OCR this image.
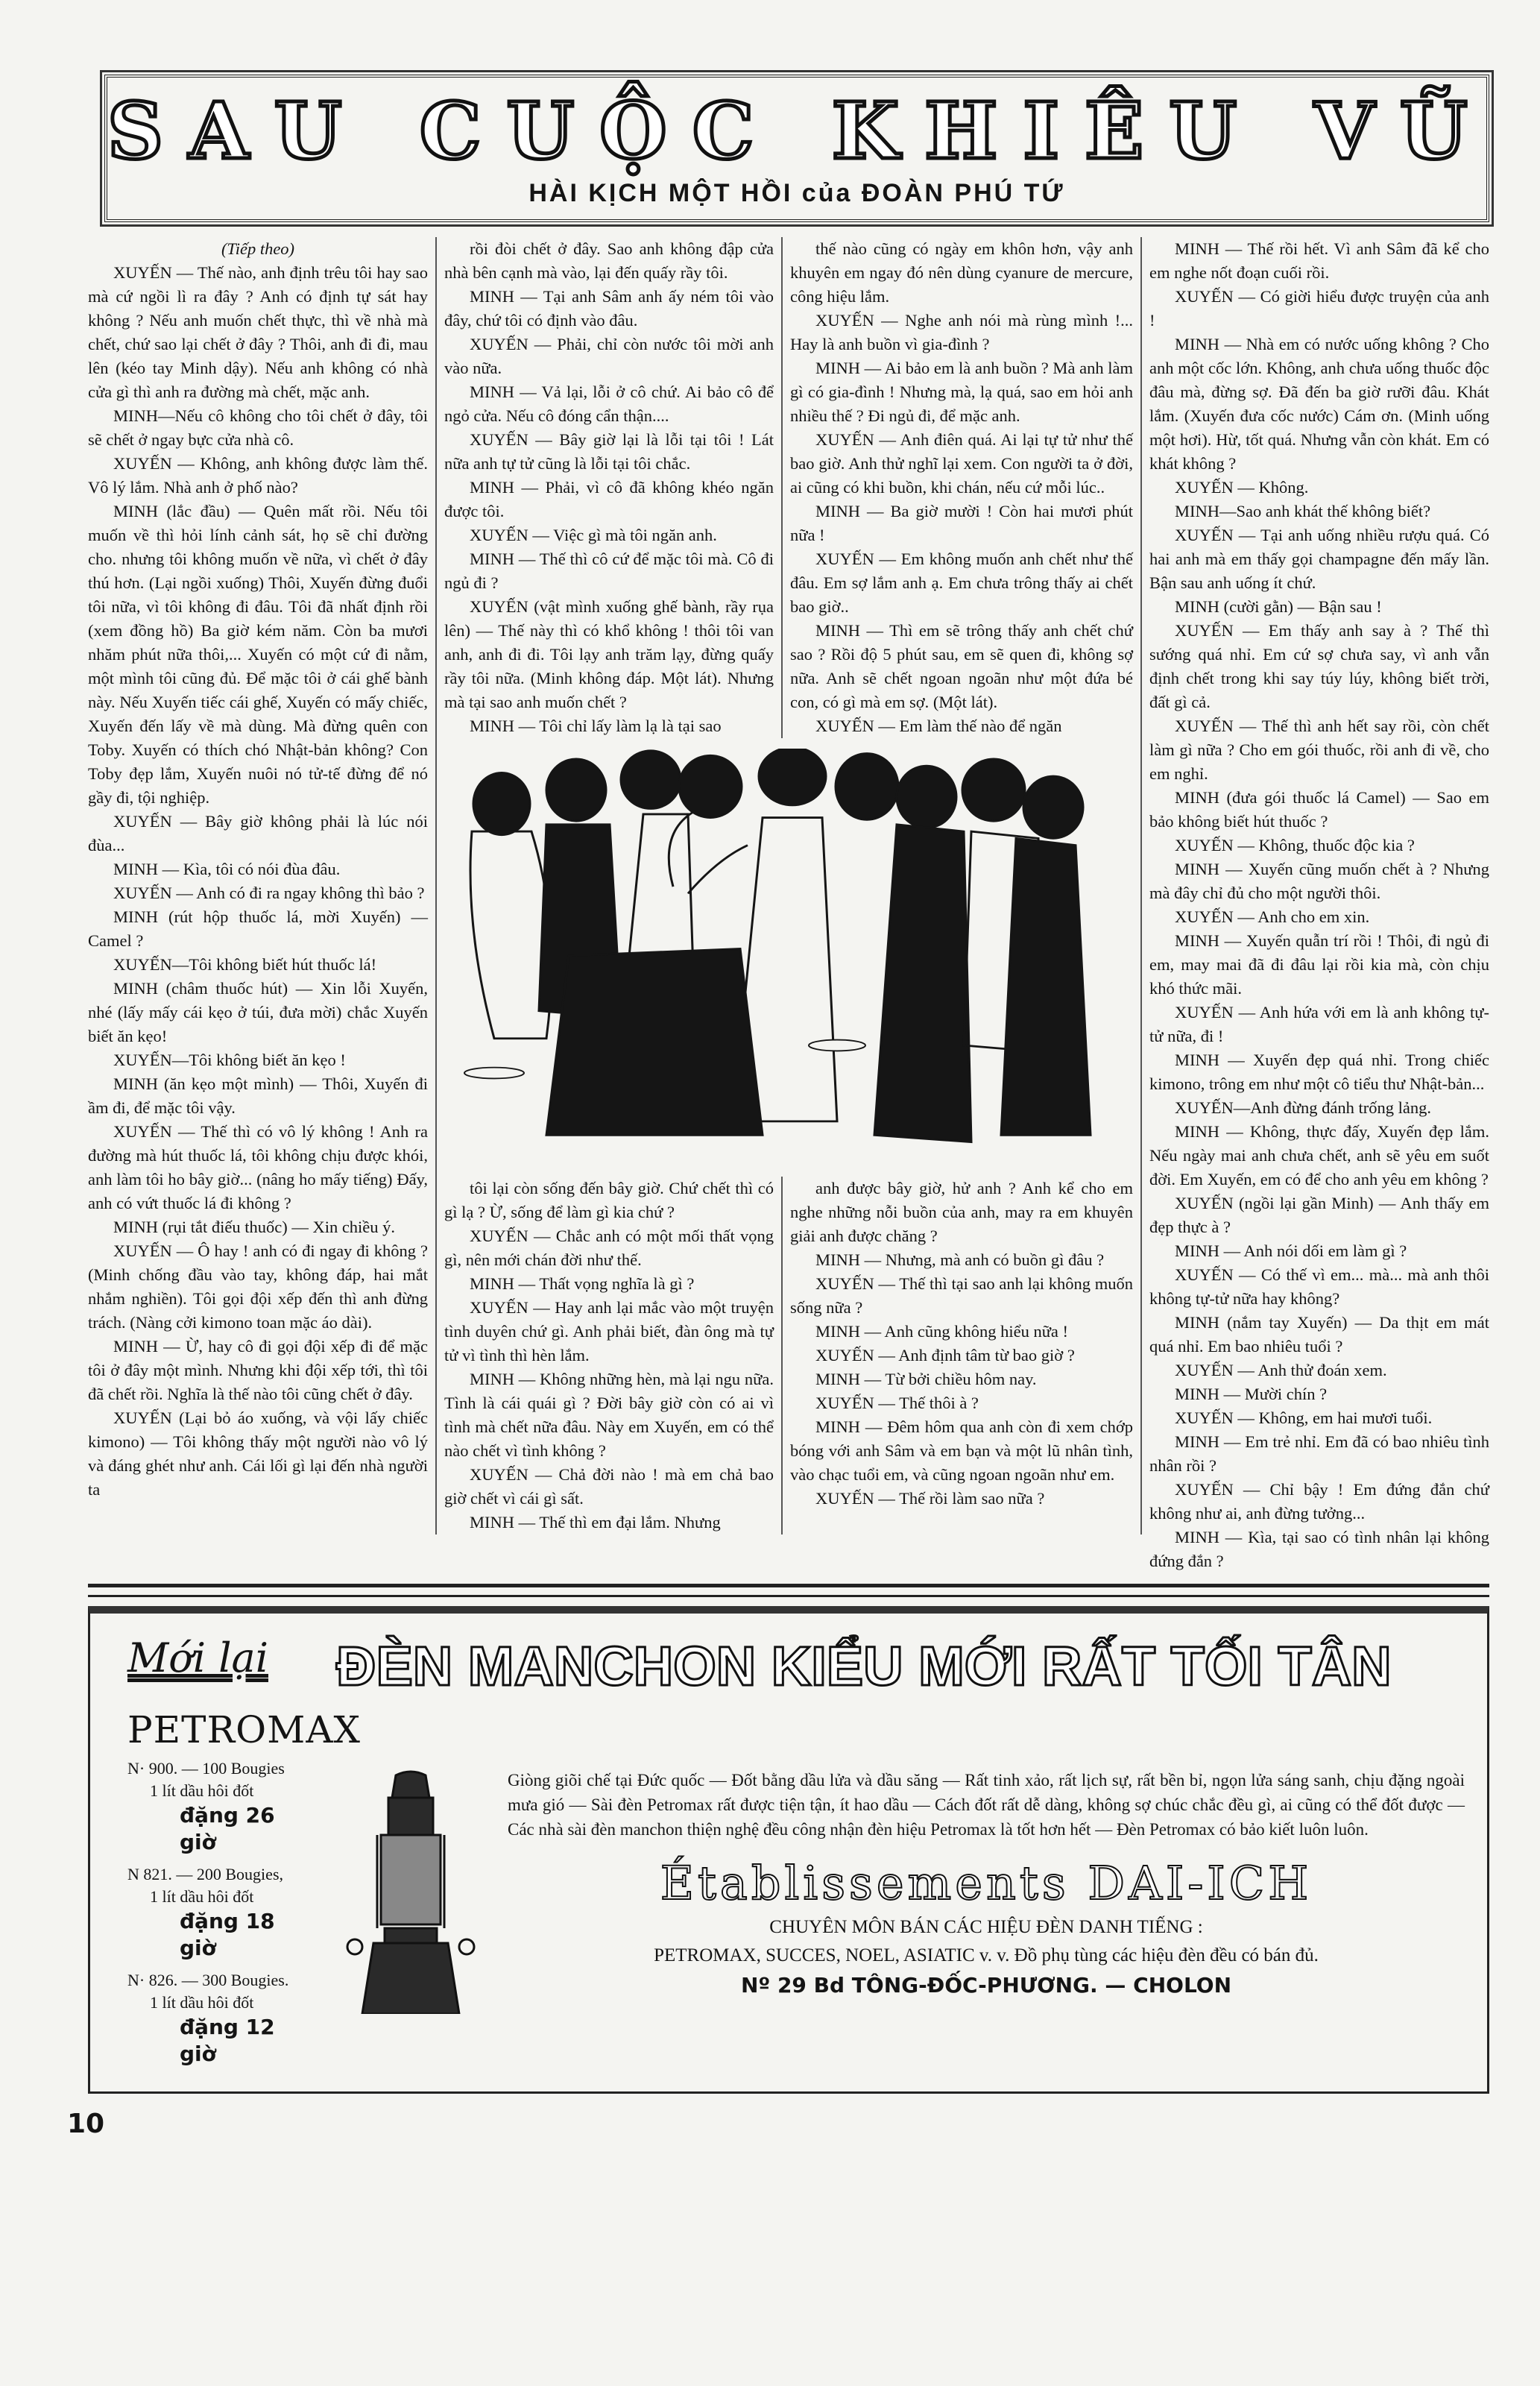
SAU CUỘC KHIÊU VŨ
HÀI KỊCH MỘT HỒI của ĐOÀN PHÚ TỨ

(Tiếp theo)

XUYẾN — Thế nào, anh định trêu tôi hay sao mà cứ ngồi lì ra đây ? Anh có định tự sát hay không ? Nếu anh muốn chết thực, thì về nhà mà chết, chứ sao lại chết ở đây ? Thôi, anh đi đi, mau lên (kéo tay Minh dậy). Nếu anh không có nhà cửa gì thì anh ra đường mà chết, mặc anh.

MINH—Nếu cô không cho tôi chết ở đây, tôi sẽ chết ở ngay bực cửa nhà cô.

XUYẾN — Không, anh không được làm thế. Vô lý lắm. Nhà anh ở phố nào?

MINH (lắc đầu) — Quên mất rồi. Nếu tôi muốn về thì hỏi lính cảnh sát, họ sẽ chỉ đường cho. nhưng tôi không muốn về nữa, vì chết ở đây thú hơn. (Lại ngồi xuống) Thôi, Xuyến đừng đuổi tôi nữa, vì tôi không đi đâu. Tôi đã nhất định rồi (xem đồng hồ) Ba giờ kém năm. Còn ba mươi nhăm phút nữa thôi,... Xuyến có một cứ đi nằm, một mình tôi cũng đủ. Để mặc tôi ở cái ghế bành này. Nếu Xuyến tiếc cái ghế, Xuyến có mấy chiếc, Xuyến đến lấy về mà dùng. Mà đừng quên con Toby. Xuyến có thích chó Nhật-bản không? Con Toby đẹp lắm, Xuyến nuôi nó tử-tế đừng để nó gầy đi, tội nghiệp.

XUYẾN — Bây giờ không phải là lúc nói đùa...

MINH — Kìa, tôi có nói đùa đâu.

XUYẾN — Anh có đi ra ngay không thì bảo ?

MINH (rút hộp thuốc lá, mời Xuyến) — Camel ?

XUYẾN—Tôi không biết hút thuốc lá!

MINH (châm thuốc hút) — Xin lỗi Xuyến, nhé (lấy mấy cái kẹo ở túi, đưa mời) chắc Xuyến biết ăn kẹo!

XUYẾN—Tôi không biết ăn kẹo !

MINH (ăn kẹo một mình) — Thôi, Xuyến đi ầm đi, để mặc tôi vậy.

XUYẾN — Thế thì có vô lý không ! Anh ra đường mà hút thuốc lá, tôi không chịu được khói, anh làm tôi ho bây giờ... (nâng ho mấy tiếng) Đấy, anh có vứt thuốc lá đi không ?

MINH (rụi tắt điếu thuốc) — Xin chiều ý.

XUYẾN — Ô hay ! anh có đi ngay đi không ? (Minh chống đầu vào tay, không đáp, hai mắt nhắm nghiền). Tôi gọi đội xếp đến thì anh đừng trách. (Nàng cởi kimono toan mặc áo dài).

MINH — Ừ, hay cô đi gọi đội xếp đi để mặc tôi ở đây một mình. Nhưng khi đội xếp tới, thì tôi đã chết rồi. Nghĩa là thế nào tôi cũng chết ở đây.

XUYẾN (Lại bỏ áo xuống, và vội lấy chiếc kimono) — Tôi không thấy một người nào vô lý và đáng ghét như anh. Cái lối gì lại đến nhà người ta

rồi đòi chết ở đây. Sao anh không đập cửa nhà bên cạnh mà vào, lại đến quấy rầy tôi.

MINH — Tại anh Sâm anh ấy ném tôi vào đây, chứ tôi có định vào đâu.

XUYẾN — Phải, chỉ còn nước tôi mời anh vào nữa.

MINH — Vả lại, lỗi ở cô chứ. Ai bảo cô để ngỏ cửa. Nếu cô đóng cẩn thận....

XUYẾN — Bây giờ lại là lỗi tại tôi ! Lát nữa anh tự tử cũng là lỗi tại tôi chắc.

MINH — Phải, vì cô đã không khéo ngăn được tôi.

XUYẾN — Việc gì mà tôi ngăn anh.

MINH — Thế thì cô cứ để mặc tôi mà. Cô đi ngủ đi ?

XUYẾN (vật mình xuống ghế bành, rầy rụa lên) — Thế này thì có khổ không ! thôi tôi van anh, anh đi đi. Tôi lạy anh trăm lạy, đừng quấy rầy tôi nữa. (Minh không đáp. Một lát). Nhưng mà tại sao anh muốn chết ?

MINH — Tôi chỉ lấy làm lạ là tại sao

thế nào cũng có ngày em khôn hơn, vậy anh khuyên em ngay đó nên dùng cyanure de mercure, công hiệu lắm.

XUYẾN — Nghe anh nói mà rùng mình !... Hay là anh buồn vì gia-đình ?

MINH — Ai bảo em là anh buồn ? Mà anh làm gì có gia-đình ! Nhưng mà, lạ quá, sao em hỏi anh nhiều thế ? Đi ngủ đi, để mặc anh.

XUYẾN — Anh điên quá. Ai lại tự tử như thế bao giờ. Anh thử nghĩ lại xem. Con người ta ở đời, ai cũng có khi buồn, khi chán, nếu cứ mỗi lúc..

MINH — Ba giờ mười ! Còn hai mươi phút nữa !

XUYẾN — Em không muốn anh chết như thế đâu. Em sợ lắm anh ạ. Em chưa trông thấy ai chết bao giờ..

MINH — Thì em sẽ trông thấy anh chết chứ sao ? Rồi độ 5 phút sau, em sẽ quen đi, không sợ nữa. Anh sẽ chết ngoan ngoãn như một đứa bé con, có gì mà em sợ. (Một lát).

XUYẾN — Em làm thế nào để ngăn

tôi lại còn sống đến bây giờ. Chứ chết thì có gì lạ ? Ừ, sống để làm gì kia chứ ?

XUYẾN — Chắc anh có một mối thất vọng gì, nên mới chán đời như thế.

MINH — Thất vọng nghĩa là gì ?

XUYẾN — Hay anh lại mắc vào một truyện tình duyên chứ gì. Anh phải biết, đàn ông mà tự tử vì tình thì hèn lắm.

MINH — Không những hèn, mà lại ngu nữa. Tình là cái quái gì ? Đời bây giờ còn có ai vì tình mà chết nữa đâu. Này em Xuyến, em có thể nào chết vì tình không ?

XUYẾN — Chả đời nào ! mà em chả bao giờ chết vì cái gì sất.

MINH — Thế thì em đại lắm. Nhưng

anh được bây giờ, hử anh ? Anh kể cho em nghe những nỗi buồn của anh, may ra em khuyên giải anh được chăng ?

MINH — Nhưng, mà anh có buồn gì đâu ?

XUYẾN — Thế thì tại sao anh lại không muốn sống nữa ?

MINH — Anh cũng không hiểu nữa !

XUYẾN — Anh định tâm từ bao giờ ?

MINH — Từ bởi chiều hôm nay.

XUYẾN — Thế thôi à ?

MINH — Đêm hôm qua anh còn đi xem chớp bóng với anh Sâm và em bạn và một lũ nhân tình, vào chạc tuổi em, và cũng ngoan ngoãn như em.

XUYẾN — Thế rồi làm sao nữa ?

MINH — Thế rồi hết. Vì anh Sâm đã kể cho em nghe nốt đoạn cuối rồi.

XUYẾN — Có giời hiểu được truyện của anh !

MINH — Nhà em có nước uống không ? Cho anh một cốc lớn. Không, anh chưa uống thuốc độc đâu mà, đừng sợ. Đã đến ba giờ rưỡi đâu. Khát lắm. (Xuyến đưa cốc nước) Cám ơn. (Minh uống một hơi). Hừ, tốt quá. Nhưng vẫn còn khát. Em có khát không ?

XUYẾN — Không.

MINH—Sao anh khát thế không biết?

XUYẾN — Tại anh uống nhiều rượu quá. Có hai anh mà em thấy gọi champagne đến mấy lần. Bận sau anh uống ít chứ.

MINH (cười gằn) — Bận sau !

XUYẾN — Em thấy anh say à ? Thế thì sướng quá nhỉ. Em cứ sợ chưa say, vì anh vẫn định chết trong khi say túy lúy, không biết trời, đất gì cả.

XUYẾN — Thế thì anh hết say rồi, còn chết làm gì nữa ? Cho em gói thuốc, rồi anh đi về, cho em nghỉ.

MINH (đưa gói thuốc lá Camel) — Sao em bảo không biết hút thuốc ?

XUYẾN — Không, thuốc độc kia ?

MINH — Xuyến cũng muốn chết à ? Nhưng mà đây chỉ đủ cho một người thôi.

XUYẾN — Anh cho em xin.

MINH — Xuyến quẫn trí rồi ! Thôi, đi ngủ đi em, may mai đã đi đâu lại rồi kia mà, còn chịu khó thức mãi.

XUYẾN — Anh hứa với em là anh không tự-tử nữa, đi !

MINH — Xuyến đẹp quá nhỉ. Trong chiếc kimono, trông em như một cô tiểu thư Nhật-bản...

XUYẾN—Anh đừng đánh trống lảng.

MINH — Không, thực đấy, Xuyến đẹp lắm. Nếu ngày mai anh chưa chết, anh sẽ yêu em suốt đời. Em Xuyến, em có để cho anh yêu em không ?

XUYẾN (ngồi lại gần Minh) — Anh thấy em đẹp thực à ?

MINH — Anh nói dối em làm gì ?

XUYẾN — Có thế vì em... mà... mà anh thôi không tự-tử nữa hay không?

MINH (nắm tay Xuyến) — Da thịt em mát quá nhỉ. Em bao nhiêu tuổi ?

XUYẾN — Anh thử đoán xem.

MINH — Mười chín ?

XUYẾN — Không, em hai mươi tuổi.

MINH — Em trẻ nhỉ. Em đã có bao nhiêu tình nhân rồi ?

XUYẾN — Chỉ bậy ! Em đứng đắn chứ không như ai, anh đừng tưởng...

MINH — Kìa, tại sao có tình nhân lại không đứng đắn ?

Mới lại
PETROMAX
N· 900. — 100 Bougies
1 lít dầu hôi đốt
đặng 26 giờ
N 821. — 200 Bougies,
1 lít dầu hôi đốt
đặng 18 giờ
N· 826. — 300 Bougies.
1 lít dầu hôi đốt
đặng 12 giờ
ĐÈN MANCHON KIỂU MỚI RẤT TỐI TÂN
Giòng giõi chế tại Đức quốc — Đốt bằng dầu lửa và dầu săng — Rất tinh xảo, rất lịch sự, rất bền bỉ, ngọn lửa sáng sanh, chịu đặng ngoài mưa gió — Sài đèn Petromax rất được tiện tận, ít hao dầu — Cách đốt rất dễ dàng, không sợ chúc chắc đều gì, ai cũng có thể đốt được — Các nhà sài đèn manchon thiện nghệ đều công nhận đèn hiệu Petromax là tốt hơn hết — Đèn Petromax có bảo kiết luôn luôn.
Établissements DAI-ICH
CHUYÊN MÔN BÁN CÁC HIỆU ĐÈN DANH TIẾNG :
PETROMAX, SUCCES, NOEL, ASIATIC v. v. Đồ phụ tùng các hiệu đèn đều có bán đủ.
Nº 29 Bd TÔNG-ĐỐC-PHƯƠNG. — CHOLON
10
